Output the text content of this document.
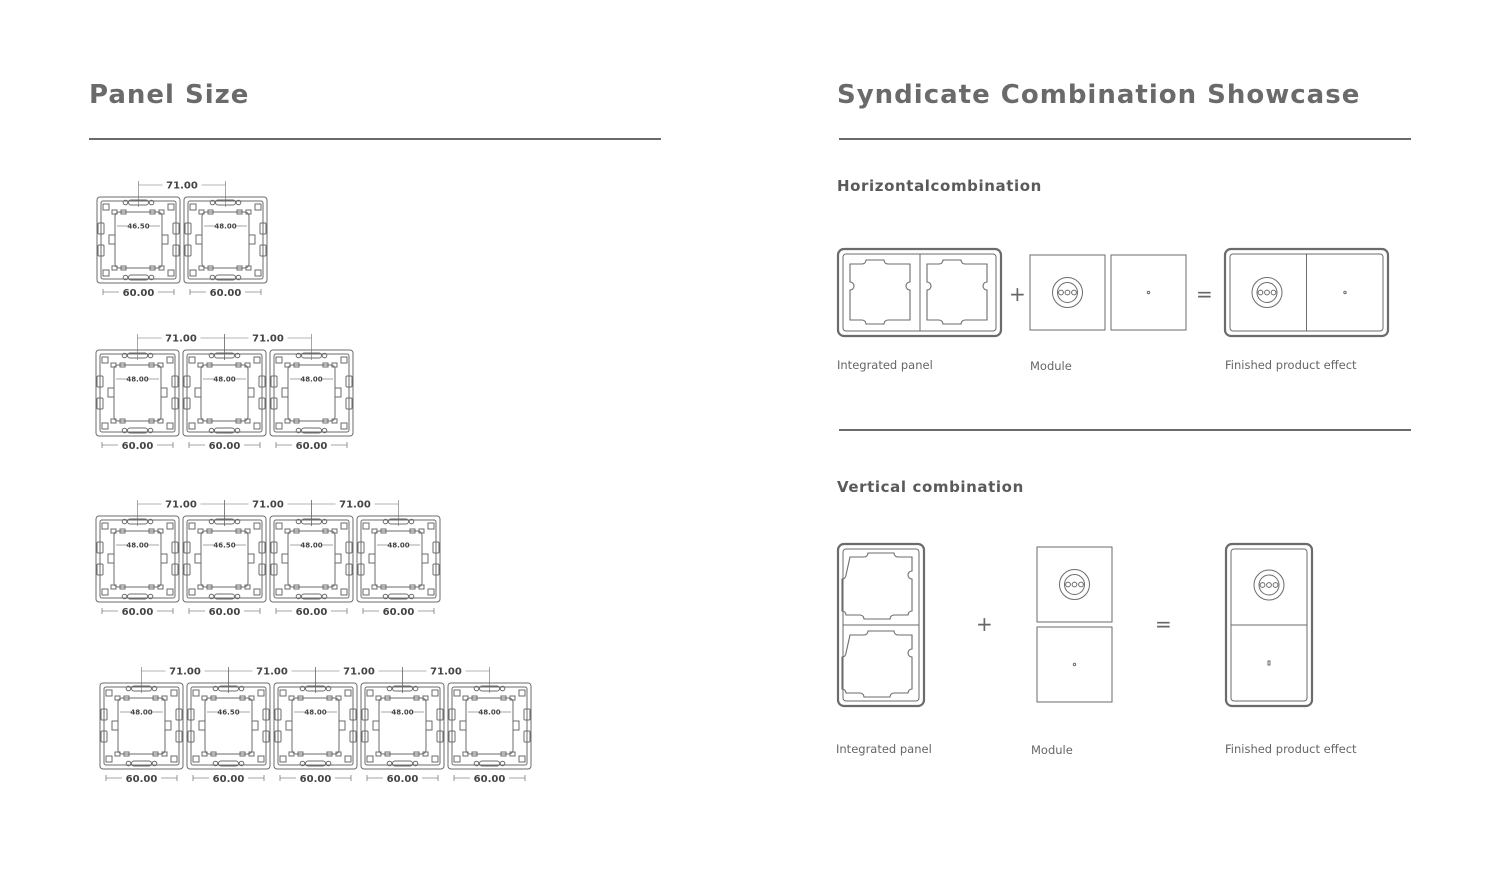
Panel Size
46.50
60.00
48.00
60.00
71.00
48.00
60.00
48.00
60.00
48.00
60.00
71.00	71.00
48.00
60.00
46.50
60.00
48.00
60.00
48.00
60.00
71.00	71.00	71.00
48.00
60.00
46.50
60.00
48.00
60.00
48.00
60.00
48.00
60.00
71.00	71.00	71.00	71.00
Syndicate Combination Showcase
Horizontalcombination
+	=
Integrated panel	Module	Finished product effect
Vertical combination
+	=
Integrated panel	Module	Finished product effect
